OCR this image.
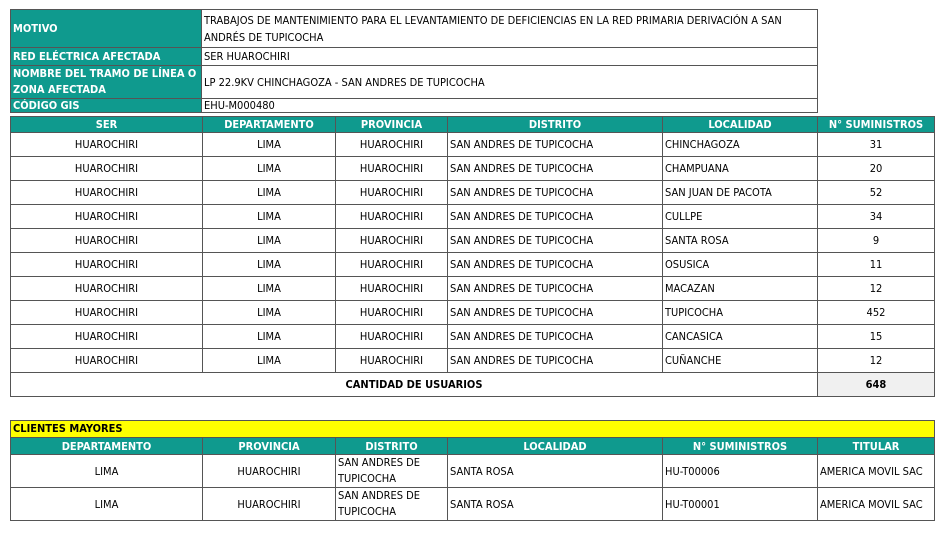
MOTIVO	TRABAJOS DE MANTENIMIENTO PARA EL LEVANTAMIENTO DE DEFICIENCIAS EN LA RED PRIMARIA DERIVACIÓN A SAN ANDRÉS DE TUPICOCHA
RED ELÉCTRICA AFECTADA	SER HUAROCHIRI
NOMBRE DEL TRAMO DE LÍNEA O ZONA AFECTADA	LP 22.9KV CHINCHAGOZA - SAN ANDRES DE TUPICOCHA
CÓDIGO GIS	EHU-M000480
SER	DEPARTAMENTO	PROVINCIA	DISTRITO	LOCALIDAD	N° SUMINISTROS
HUAROCHIRI	LIMA	HUAROCHIRI	SAN ANDRES DE TUPICOCHA	CHINCHAGOZA	31
HUAROCHIRI	LIMA	HUAROCHIRI	SAN ANDRES DE TUPICOCHA	CHAMPUANA	20
HUAROCHIRI	LIMA	HUAROCHIRI	SAN ANDRES DE TUPICOCHA	SAN JUAN DE PACOTA	52
HUAROCHIRI	LIMA	HUAROCHIRI	SAN ANDRES DE TUPICOCHA	CULLPE	34
HUAROCHIRI	LIMA	HUAROCHIRI	SAN ANDRES DE TUPICOCHA	SANTA ROSA	9
HUAROCHIRI	LIMA	HUAROCHIRI	SAN ANDRES DE TUPICOCHA	OSUSICA	11
HUAROCHIRI	LIMA	HUAROCHIRI	SAN ANDRES DE TUPICOCHA	MACAZAN	12
HUAROCHIRI	LIMA	HUAROCHIRI	SAN ANDRES DE TUPICOCHA	TUPICOCHA	452
HUAROCHIRI	LIMA	HUAROCHIRI	SAN ANDRES DE TUPICOCHA	CANCASICA	15
HUAROCHIRI	LIMA	HUAROCHIRI	SAN ANDRES DE TUPICOCHA	CUÑANCHE	12
CANTIDAD DE USUARIOS					648
CLIENTES MAYORES					
DEPARTAMENTO	PROVINCIA	DISTRITO	LOCALIDAD	N° SUMINISTROS	TITULAR
LIMA	HUAROCHIRI	SAN ANDRES DE TUPICOCHA	SANTA ROSA	HU-T00006	AMERICA MOVIL SAC
LIMA	HUAROCHIRI	SAN ANDRES DE TUPICOCHA	SANTA ROSA	HU-T00001	AMERICA MOVIL SAC
